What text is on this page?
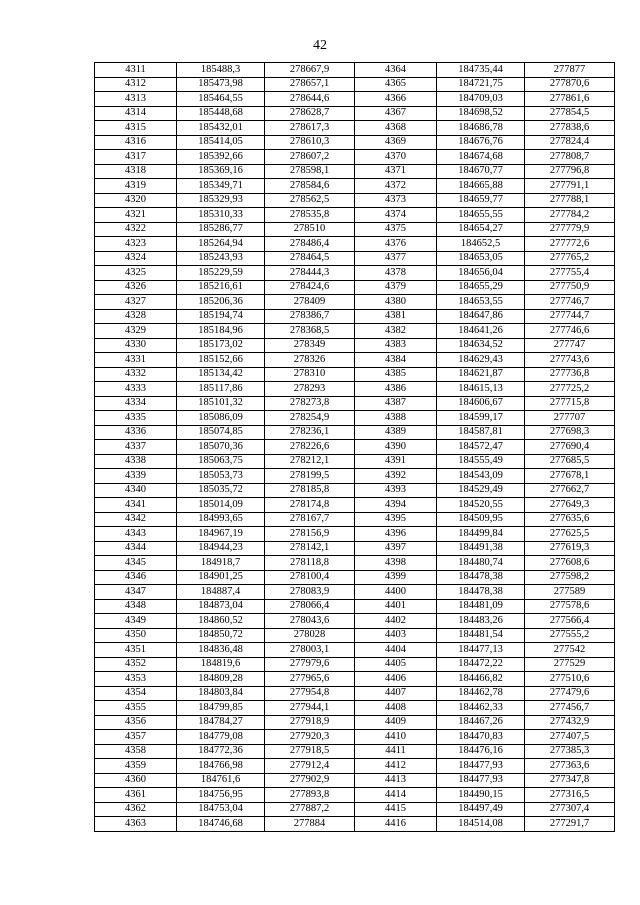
42
4311	185488,3	278667,9	4364	184735,44	277877
4312	185473,98	278657,1	4365	184721,75	277870,6
4313	185464,55	278644,6	4366	184709,03	277861,6
4314	185448,68	278628,7	4367	184698,52	277854,5
4315	185432,01	278617,3	4368	184686,78	277838,6
4316	185414,05	278610,3	4369	184676,76	277824,4
4317	185392,66	278607,2	4370	184674,68	277808,7
4318	185369,16	278598,1	4371	184670,77	277796,8
4319	185349,71	278584,6	4372	184665,88	277791,1
4320	185329,93	278562,5	4373	184659,77	277788,1
4321	185310,33	278535,8	4374	184655,55	277784,2
4322	185286,77	278510	4375	184654,27	277779,9
4323	185264,94	278486,4	4376	184652,5	277772,6
4324	185243,93	278464,5	4377	184653,05	277765,2
4325	185229,59	278444,3	4378	184656,04	277755,4
4326	185216,61	278424,6	4379	184655,29	277750,9
4327	185206,36	278409	4380	184653,55	277746,7
4328	185194,74	278386,7	4381	184647,86	277744,7
4329	185184,96	278368,5	4382	184641,26	277746,6
4330	185173,02	278349	4383	184634,52	277747
4331	185152,66	278326	4384	184629,43	277743,6
4332	185134,42	278310	4385	184621,87	277736,8
4333	185117,86	278293	4386	184615,13	277725,2
4334	185101,32	278273,8	4387	184606,67	277715,8
4335	185086,09	278254,9	4388	184599,17	277707
4336	185074,85	278236,1	4389	184587,81	277698,3
4337	185070,36	278226,6	4390	184572,47	277690,4
4338	185063,75	278212,1	4391	184555,49	277685,5
4339	185053,73	278199,5	4392	184543,09	277678,1
4340	185035,72	278185,8	4393	184529,49	277662,7
4341	185014,09	278174,8	4394	184520,55	277649,3
4342	184993,65	278167,7	4395	184509,95	277635,6
4343	184967,19	278156,9	4396	184499,84	277625,5
4344	184944,23	278142,1	4397	184491,38	277619,3
4345	184918,7	278118,8	4398	184480,74	277608,6
4346	184901,25	278100,4	4399	184478,38	277598,2
4347	184887,4	278083,9	4400	184478,38	277589
4348	184873,04	278066,4	4401	184481,09	277578,6
4349	184860,52	278043,6	4402	184483,26	277566,4
4350	184850,72	278028	4403	184481,54	277555,2
4351	184836,48	278003,1	4404	184477,13	277542
4352	184819,6	277979,6	4405	184472,22	277529
4353	184809,28	277965,6	4406	184466,82	277510,6
4354	184803,84	277954,8	4407	184462,78	277479,6
4355	184799,85	277944,1	4408	184462,33	277456,7
4356	184784,27	277918,9	4409	184467,26	277432,9
4357	184779,08	277920,3	4410	184470,83	277407,5
4358	184772,36	277918,5	4411	184476,16	277385,3
4359	184766,98	277912,4	4412	184477,93	277363,6
4360	184761,6	277902,9	4413	184477,93	277347,8
4361	184756,95	277893,8	4414	184490,15	277316,5
4362	184753,04	277887,2	4415	184497,49	277307,4
4363	184746,68	277884	4416	184514,08	277291,7
